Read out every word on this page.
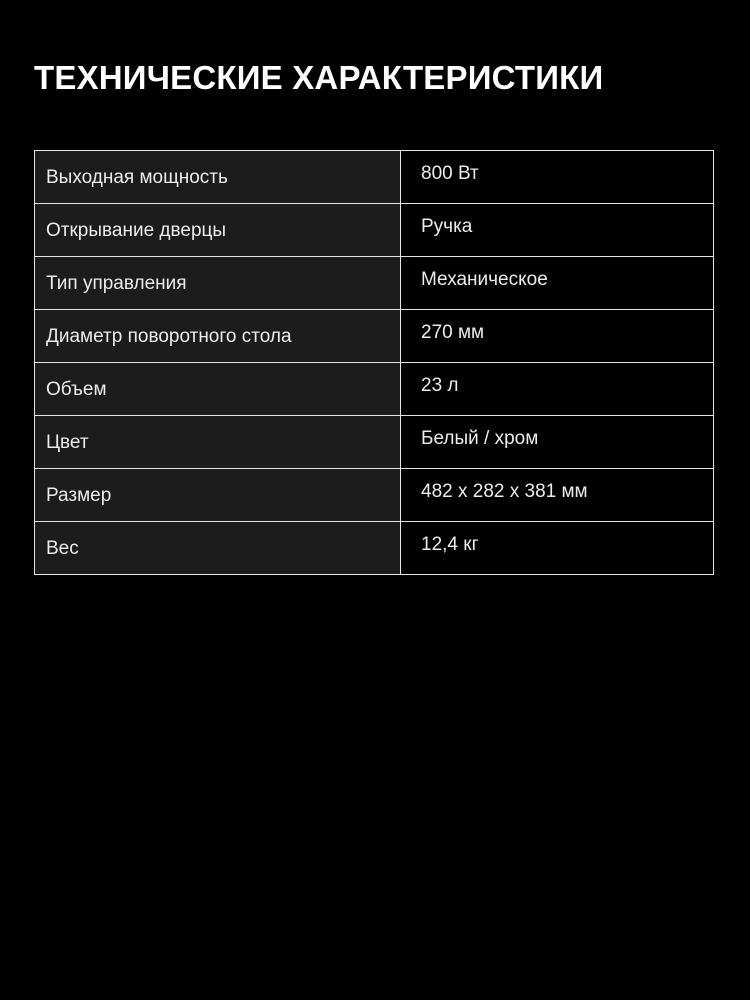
ТЕХНИЧЕСКИЕ ХАРАКТЕРИСТИКИ
Выходная мощность	800 Вт
Открывание дверцы	Ручка
Тип управления	Механическое
Диаметр поворотного стола	270 мм
Объем	23 л
Цвет	Белый / хром
Размер	482 x 282 x 381 мм
Вес	12,4 кг
